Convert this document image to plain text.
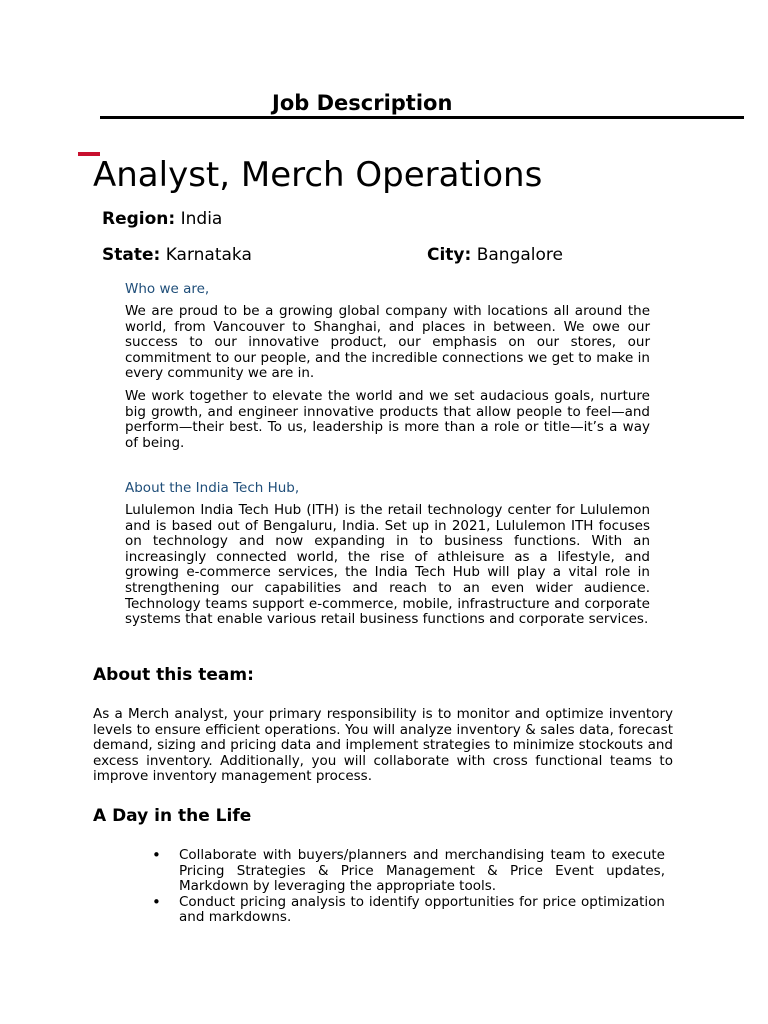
Job Description
Analyst, Merch Operations
Region: India
State: Karnataka	City: Bangalore
Who we are,
We are proud to be a growing global company with locations all around the world, from Vancouver to Shanghai, and places in between. We owe our success to our innovative product, our emphasis on our stores, our commitment to our people, and the incredible connections we get to make in every community we are in.
We work together to elevate the world and we set audacious goals, nurture big growth, and engineer innovative products that allow people to feel—and perform—their best. To us, leadership is more than a role or title—it’s a way of being.
About the India Tech Hub,
Lululemon India Tech Hub (ITH) is the retail technology center for Lululemon and is based out of Bengaluru, India. Set up in 2021, Lululemon ITH focuses on technology and now expanding in to business functions. With an increasingly connected world, the rise of athleisure as a lifestyle, and growing e-commerce services, the India Tech Hub will play a vital role in strengthening our capabilities and reach to an even wider audience. Technology teams support e-commerce, mobile, infrastructure and corporate systems that enable various retail business functions and corporate services.
About this team:
As a Merch analyst, your primary responsibility is to monitor and optimize inventory levels to ensure efficient operations. You will analyze inventory & sales data, forecast demand, sizing and pricing data and implement strategies to minimize stockouts and excess inventory. Additionally, you will collaborate with cross functional teams to improve inventory management process.
A Day in the Life
• Collaborate with buyers/planners and merchandising team to execute Pricing Strategies & Price Management & Price Event updates, Markdown by leveraging the appropriate tools.
• Conduct pricing analysis to identify opportunities for price optimization and markdowns.
